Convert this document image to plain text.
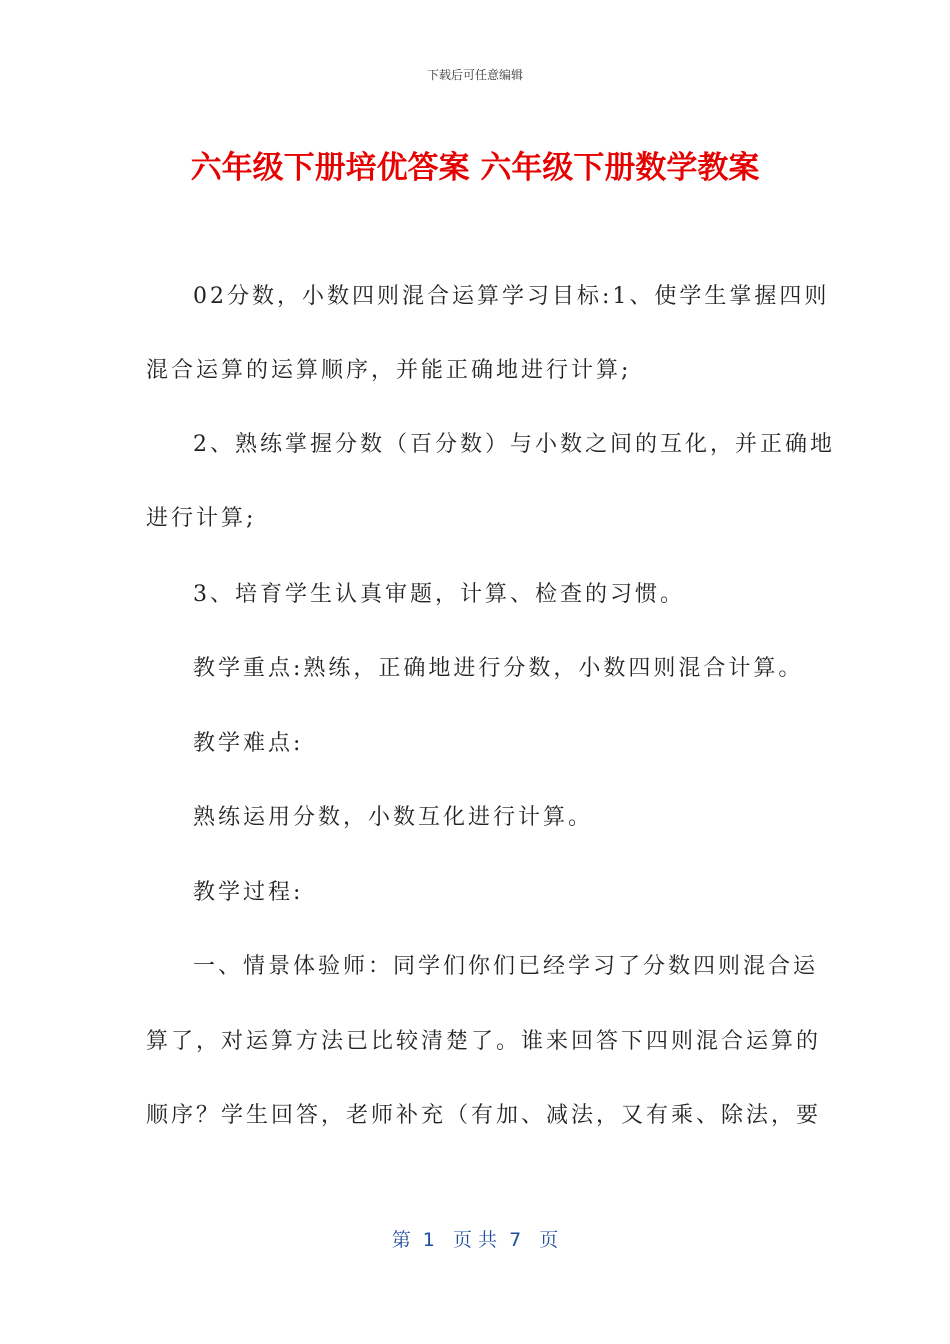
下载后可任意编辑
六年级下册培优答案 六年级下册数学教案
02分数，小数四则混合运算学习目标:1、使学生掌握四则
混合运算的运算顺序，并能正确地进行计算;
2、熟练掌握分数（百分数）与小数之间的互化，并正确地
进行计算;
3、培育学生认真审题，计算、检查的习惯。
教学重点:熟练，正确地进行分数，小数四则混合计算。
教学难点:
熟练运用分数，小数互化进行计算。
教学过程:
一、情景体验师：同学们你们已经学习了分数四则混合运
算了，对运算方法已比较清楚了。谁来回答下四则混合运算的
顺序？学生回答，老师补充（有加、减法，又有乘、除法，要
第  1   页 共  7   页
